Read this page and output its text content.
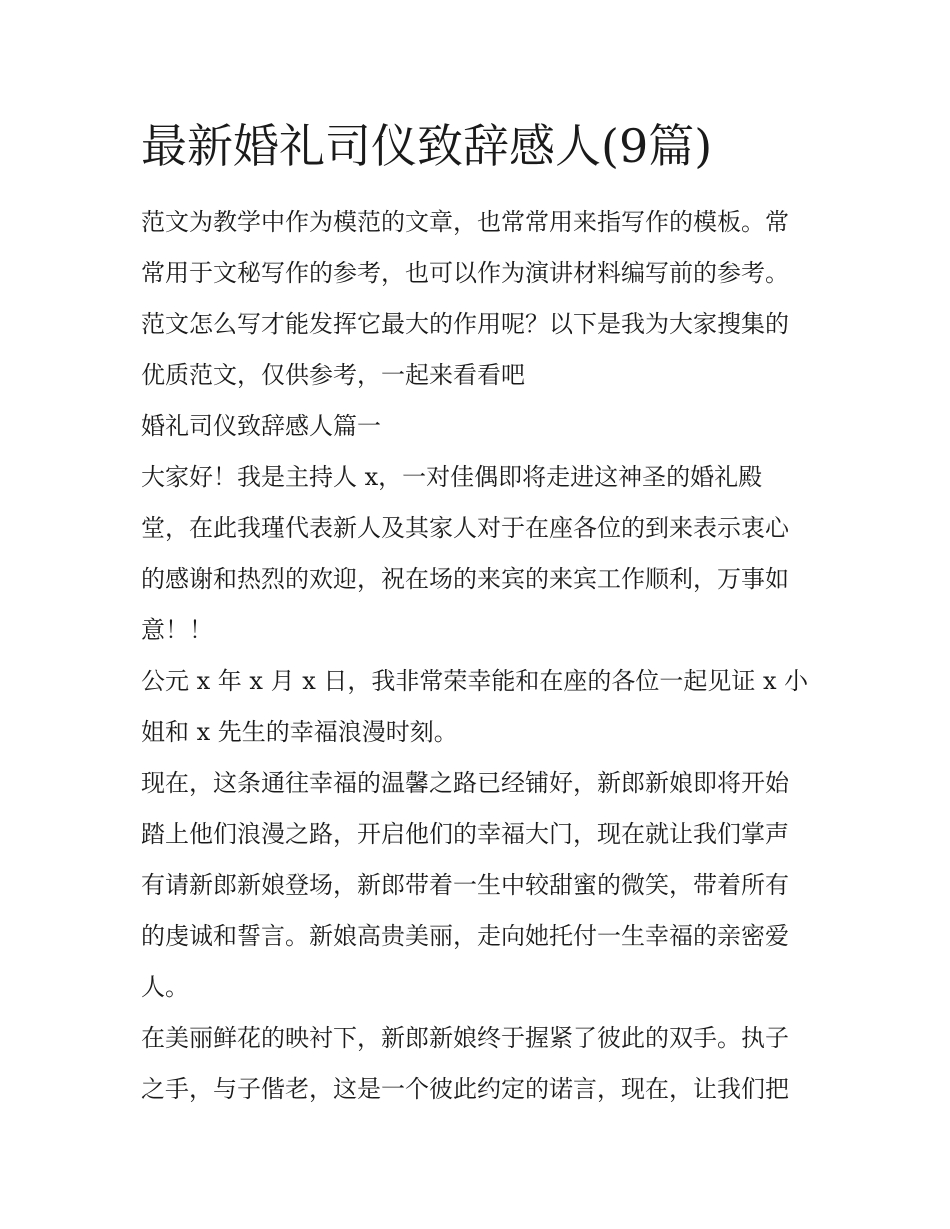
最新婚礼司仪致辞感人(9篇)
范文为教学中作为模范的文章，也常常用来指写作的模板。常
常用于文秘写作的参考，也可以作为演讲材料编写前的参考。
范文怎么写才能发挥它最大的作用呢？以下是我为大家搜集的
优质范文，仅供参考，一起来看看吧
婚礼司仪致辞感人篇一
大家好！我是主持人 x，一对佳偶即将走进这神圣的婚礼殿
堂，在此我瑾代表新人及其家人对于在座各位的到来表示衷心
的感谢和热烈的欢迎，祝在场的来宾的来宾工作顺利，万事如
意！！
公元 x 年 x 月 x 日，我非常荣幸能和在座的各位一起见证 x 小
姐和 x 先生的幸福浪漫时刻。
现在，这条通往幸福的温馨之路已经铺好，新郎新娘即将开始
踏上他们浪漫之路，开启他们的幸福大门，现在就让我们掌声
有请新郎新娘登场，新郎带着一生中较甜蜜的微笑，带着所有
的虔诚和誓言。新娘高贵美丽，走向她托付一生幸福的亲密爱
人。
在美丽鲜花的映衬下，新郎新娘终于握紧了彼此的双手。执子
之手，与子偕老，这是一个彼此约定的诺言，现在，让我们把
